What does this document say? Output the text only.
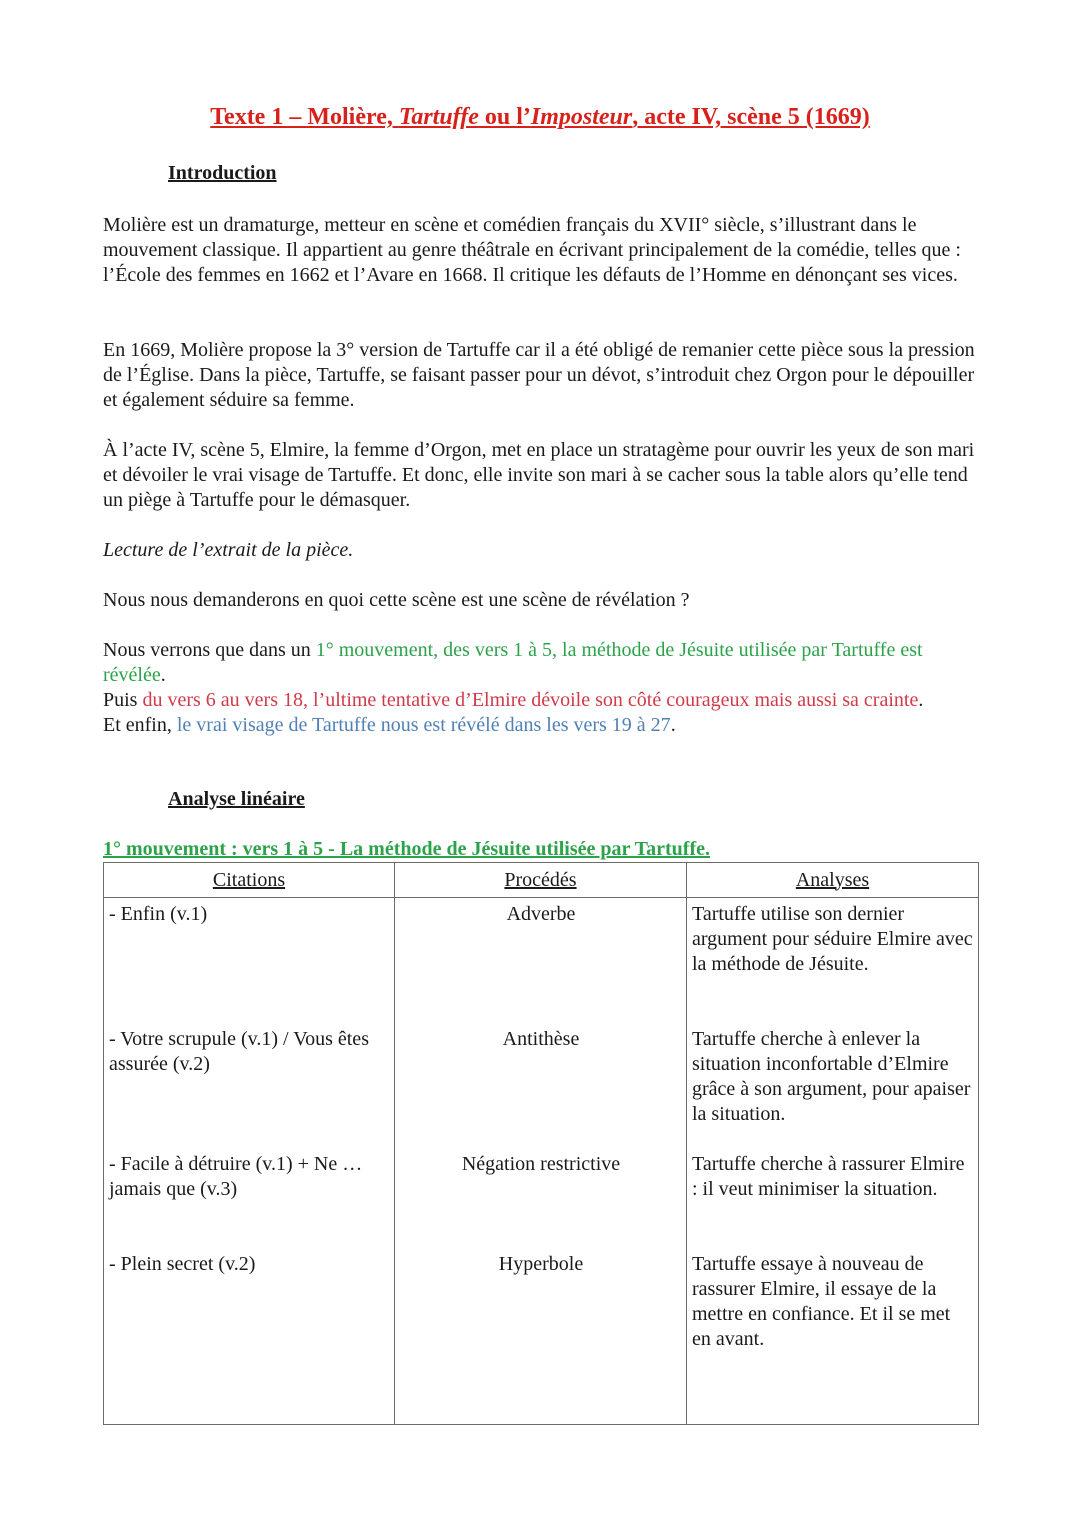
Texte 1 – Molière, Tartuffe ou l’Imposteur, acte IV, scène 5 (1669)
Introduction

Molière est un dramaturge, metteur en scène et comédien français du XVII° siècle, s’illustrant dans le mouvement classique. Il appartient au genre théâtrale en écrivant principalement de la comédie, telles que : l’École des femmes en 1662 et l’Avare en 1668. Il critique les défauts de l’Homme en dénonçant ses vices.

En 1669, Molière propose la 3° version de Tartuffe car il a été obligé de remanier cette pièce sous la pression de l’Église. Dans la pièce, Tartuffe, se faisant passer pour un dévot, s’introduit chez Orgon pour le dépouiller et également séduire sa femme.

À l’acte IV, scène 5, Elmire, la femme d’Orgon, met en place un stratagème pour ouvrir les yeux de son mari et dévoiler le vrai visage de Tartuffe. Et donc, elle invite son mari à se cacher sous la table alors qu’elle tend un piège à Tartuffe pour le démasquer.

Lecture de l’extrait de la pièce.

Nous nous demanderons en quoi cette scène est une scène de révélation ?

Nous verrons que dans un 1° mouvement, des vers 1 à 5, la méthode de Jésuite utilisée par Tartuffe est révélée.
Puis du vers 6 au vers 18, l’ultime tentative d’Elmire dévoile son côté courageux mais aussi sa crainte.
Et enfin, le vrai visage de Tartuffe nous est révélé dans les vers 19 à 27.
Analyse linéaire
1° mouvement : vers 1 à 5 - La méthode de Jésuite utilisée par Tartuffe.
Citations	Procédés	Analyses
- Enfin (v.1)	Adverbe	Tartuffe utilise son dernier argument pour séduire Elmire avec la méthode de Jésuite.
- Votre scrupule (v.1) / Vous êtes assurée (v.2)	Antithèse	Tartuffe cherche à enlever la situation inconfortable d’Elmire grâce à son argument, pour apaiser la situation.
- Facile à détruire (v.1) + Ne … jamais que (v.3)	Négation restrictive	Tartuffe cherche à rassurer Elmire : il veut minimiser la situation.
- Plein secret (v.2)	Hyperbole	Tartuffe essaye à nouveau de rassurer Elmire, il essaye de la mettre en confiance. Et il se met en avant.
